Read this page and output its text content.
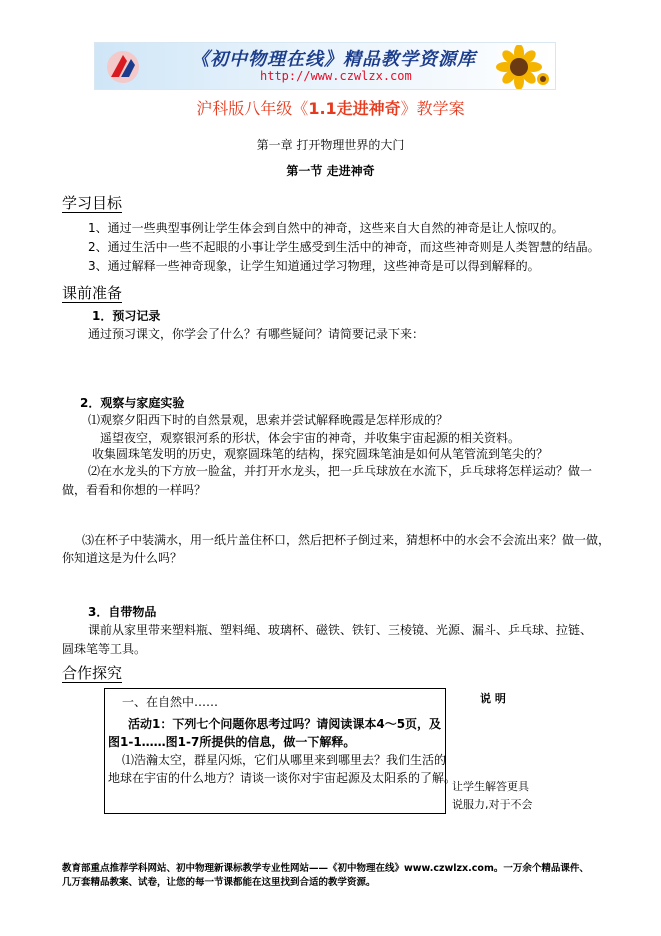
《初中物理在线》精品教学资源库
http://www.czwlzx.com
沪科版八年级《1.1走进神奇》教学案
第一章 打开物理世界的大门
第一节 走进神奇
学习目标
1、通过一些典型事例让学生体会到自然中的神奇，这些来自大自然的神奇是让人惊叹的。
2、通过生活中一些不起眼的小事让学生感受到生活中的神奇，而这些神奇则是人类智慧的结晶。
3、通过解释一些神奇现象，让学生知道通过学习物理，这些神奇是可以得到解释的。
课前准备
1．预习记录
通过预习课文，你学会了什么？有哪些疑问？请简要记录下来：
2．观察与家庭实验
⑴观察夕阳西下时的自然景观，思索并尝试解释晚霞是怎样形成的？
遥望夜空，观察银河系的形状，体会宇宙的神奇，并收集宇宙起源的相关资料。
收集圆珠笔发明的历史，观察圆珠笔的结构，探究圆珠笔油是如何从笔管流到笔尖的？
⑵在水龙头的下方放一脸盆，并打开水龙头，把一乒乓球放在水流下，乒乓球将怎样运动？做一
做，看看和你想的一样吗？
⑶在杯子中装满水，用一纸片盖住杯口，然后把杯子倒过来，猜想杯中的水会不会流出来？做一做，
你知道这是为什么吗？
3．自带物品
课前从家里带来塑料瓶、塑料绳、玻璃杯、磁铁、铁钉、三棱镜、光源、漏斗、乒乓球、拉链、
圆珠笔等工具。
合作探究
一、在自然中……
活动1：下列七个问题你思考过吗？请阅读课本4～5页，及
图1-1……图1-7所提供的信息，做一下解释。
⑴浩瀚太空，群星闪烁，它们从哪里来到哪里去？我们生活的
地球在宇宙的什么地方？请谈一谈你对宇宙起源及太阳系的了解。
说 明
让学生解答更具
说服力,对于不会
教育部重点推荐学科网站、初中物理新课标教学专业性网站——《初中物理在线》www.czwlzx.com。一万余个精品课件、
几万套精品教案、试卷，让您的每一节课都能在这里找到合适的教学资源。
